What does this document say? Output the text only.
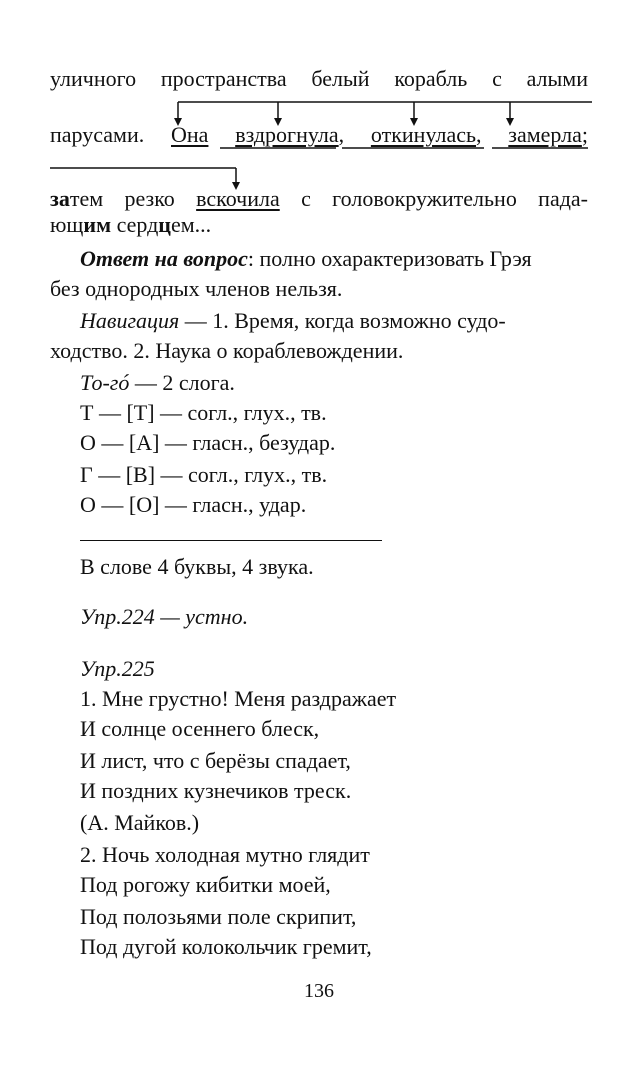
уличного пространства белый корабль с алыми
парусами. Она вздрогнула, откинулась, замерла;
затем резко вскочила с головокружительно пада-
ющим сердцем...
Ответ на вопрос: полно охарактеризовать Грэя
без однородных членов нельзя.
Навигация — 1. Время, когда возможно судо-
ходство. 2. Наука о кораблевождении.
То-гó — 2 слога.
Т — [Т] — согл., глух., тв.
О — [А] — гласн., безудар.
Г — [В] — согл., глух., тв.
О — [О] — гласн., удар.
В слове 4 буквы, 4 звука.
Упр.224 — устно.
Упр.225
1. Мне грустно! Меня раздражает
И солнце осеннего блеск,
И лист, что с берёзы спадает,
И поздних кузнечиков треск.
(А. Майков.)
2. Ночь холодная мутно глядит
Под рогожу кибитки моей,
Под полозьями поле скрипит,
Под дугой колокольчик гремит,
136
